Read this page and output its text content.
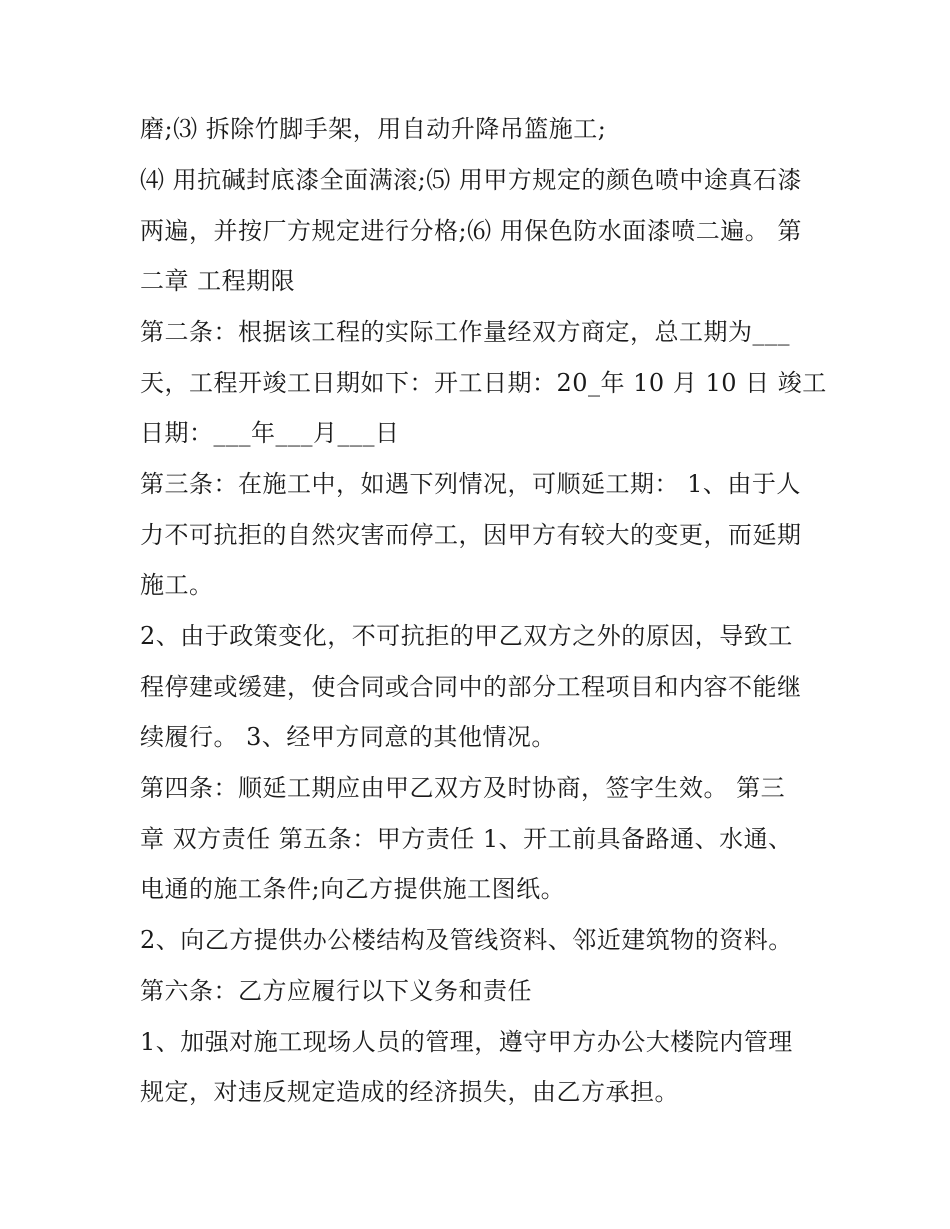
磨;⑶ 拆除竹脚手架，用自动升降吊篮施工;

⑷ 用抗碱封底漆全面满滚;⑸ 用甲方规定的颜色喷中途真石漆

两遍，并按厂方规定进行分格;⑹ 用保色防水面漆喷二遍。 第

二章 工程期限

第二条：根据该工程的实际工作量经双方商定，总工期为___

天，工程开竣工日期如下：开工日期：20_年 10 月 10 日 竣工

日期：___年___月___日

第三条：在施工中，如遇下列情况，可顺延工期： 1、由于人

力不可抗拒的自然灾害而停工，因甲方有较大的变更，而延期

施工。

2、由于政策变化，不可抗拒的甲乙双方之外的原因，导致工

程停建或缓建，使合同或合同中的部分工程项目和内容不能继

续履行。 3、经甲方同意的其他情况。

第四条：顺延工期应由甲乙双方及时协商，签字生效。 第三

章 双方责任 第五条：甲方责任 1、开工前具备路通、水通、

电通的施工条件;向乙方提供施工图纸。

2、向乙方提供办公楼结构及管线资料、邻近建筑物的资料。

第六条：乙方应履行以下义务和责任

1、加强对施工现场人员的管理，遵守甲方办公大楼院内管理

规定，对违反规定造成的经济损失，由乙方承担。
